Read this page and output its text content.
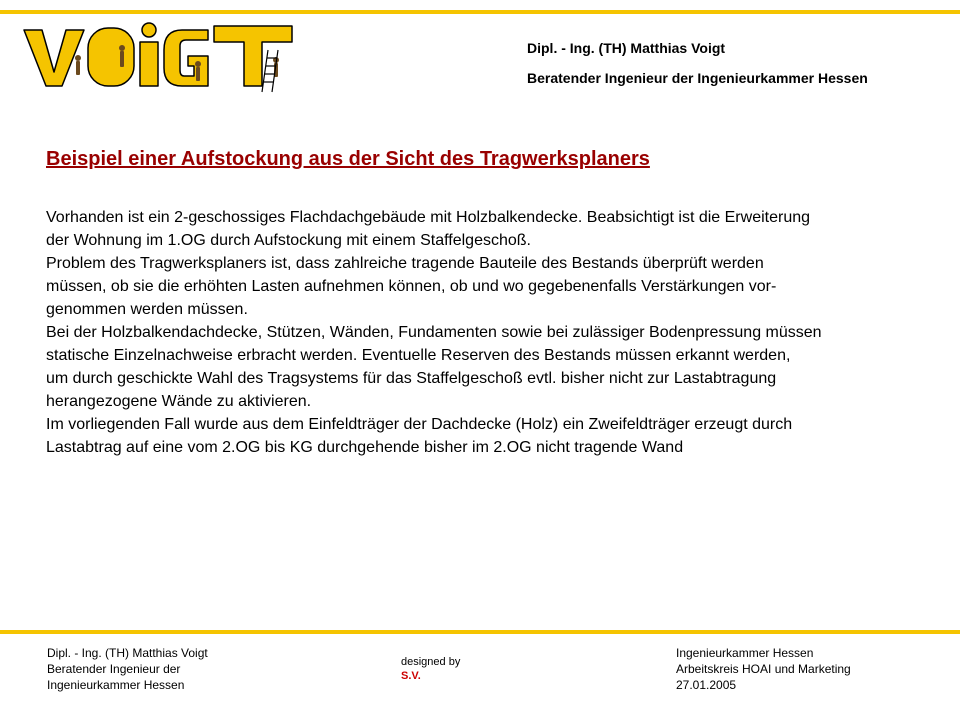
Dipl. - Ing. (TH) Matthias Voigt
Beratender Ingenieur der Ingenieurkammer Hessen
Beispiel einer Aufstockung aus der Sicht des Tragwerksplaners

Vorhanden ist ein 2-geschossiges Flachdachgebäude mit Holzbalkendecke. Beabsichtigt ist die Erweiterung
der Wohnung im 1.OG durch Aufstockung mit einem Staffelgeschoß.

Problem des Tragwerksplaners ist, dass zahlreiche tragende Bauteile des Bestands überprüft werden
müssen, ob sie die erhöhten Lasten aufnehmen können, ob und wo gegebenenfalls Verstärkungen vor-
genommen werden müssen.

Bei der Holzbalkendachdecke, Stützen, Wänden, Fundamenten sowie bei zulässiger Bodenpressung müssen
statische Einzelnachweise erbracht werden. Eventuelle Reserven des Bestands müssen erkannt werden,
um durch geschickte Wahl des Tragsystems für das Staffelgeschoß evtl. bisher nicht zur Lastabtragung
herangezogene Wände zu aktivieren.

Im vorliegenden Fall wurde aus dem Einfeldträger der Dachdecke (Holz) ein Zweifeldträger erzeugt durch
Lastabtrag auf eine vom 2.OG bis KG durchgehende bisher im 2.OG nicht tragende Wand

Dipl. - Ing. (TH) Matthias Voigt
Beratender Ingenieur der
Ingenieurkammer Hessen
designed by
S.V.
Ingenieurkammer Hessen
Arbeitskreis HOAI und Marketing
27.01.2005
